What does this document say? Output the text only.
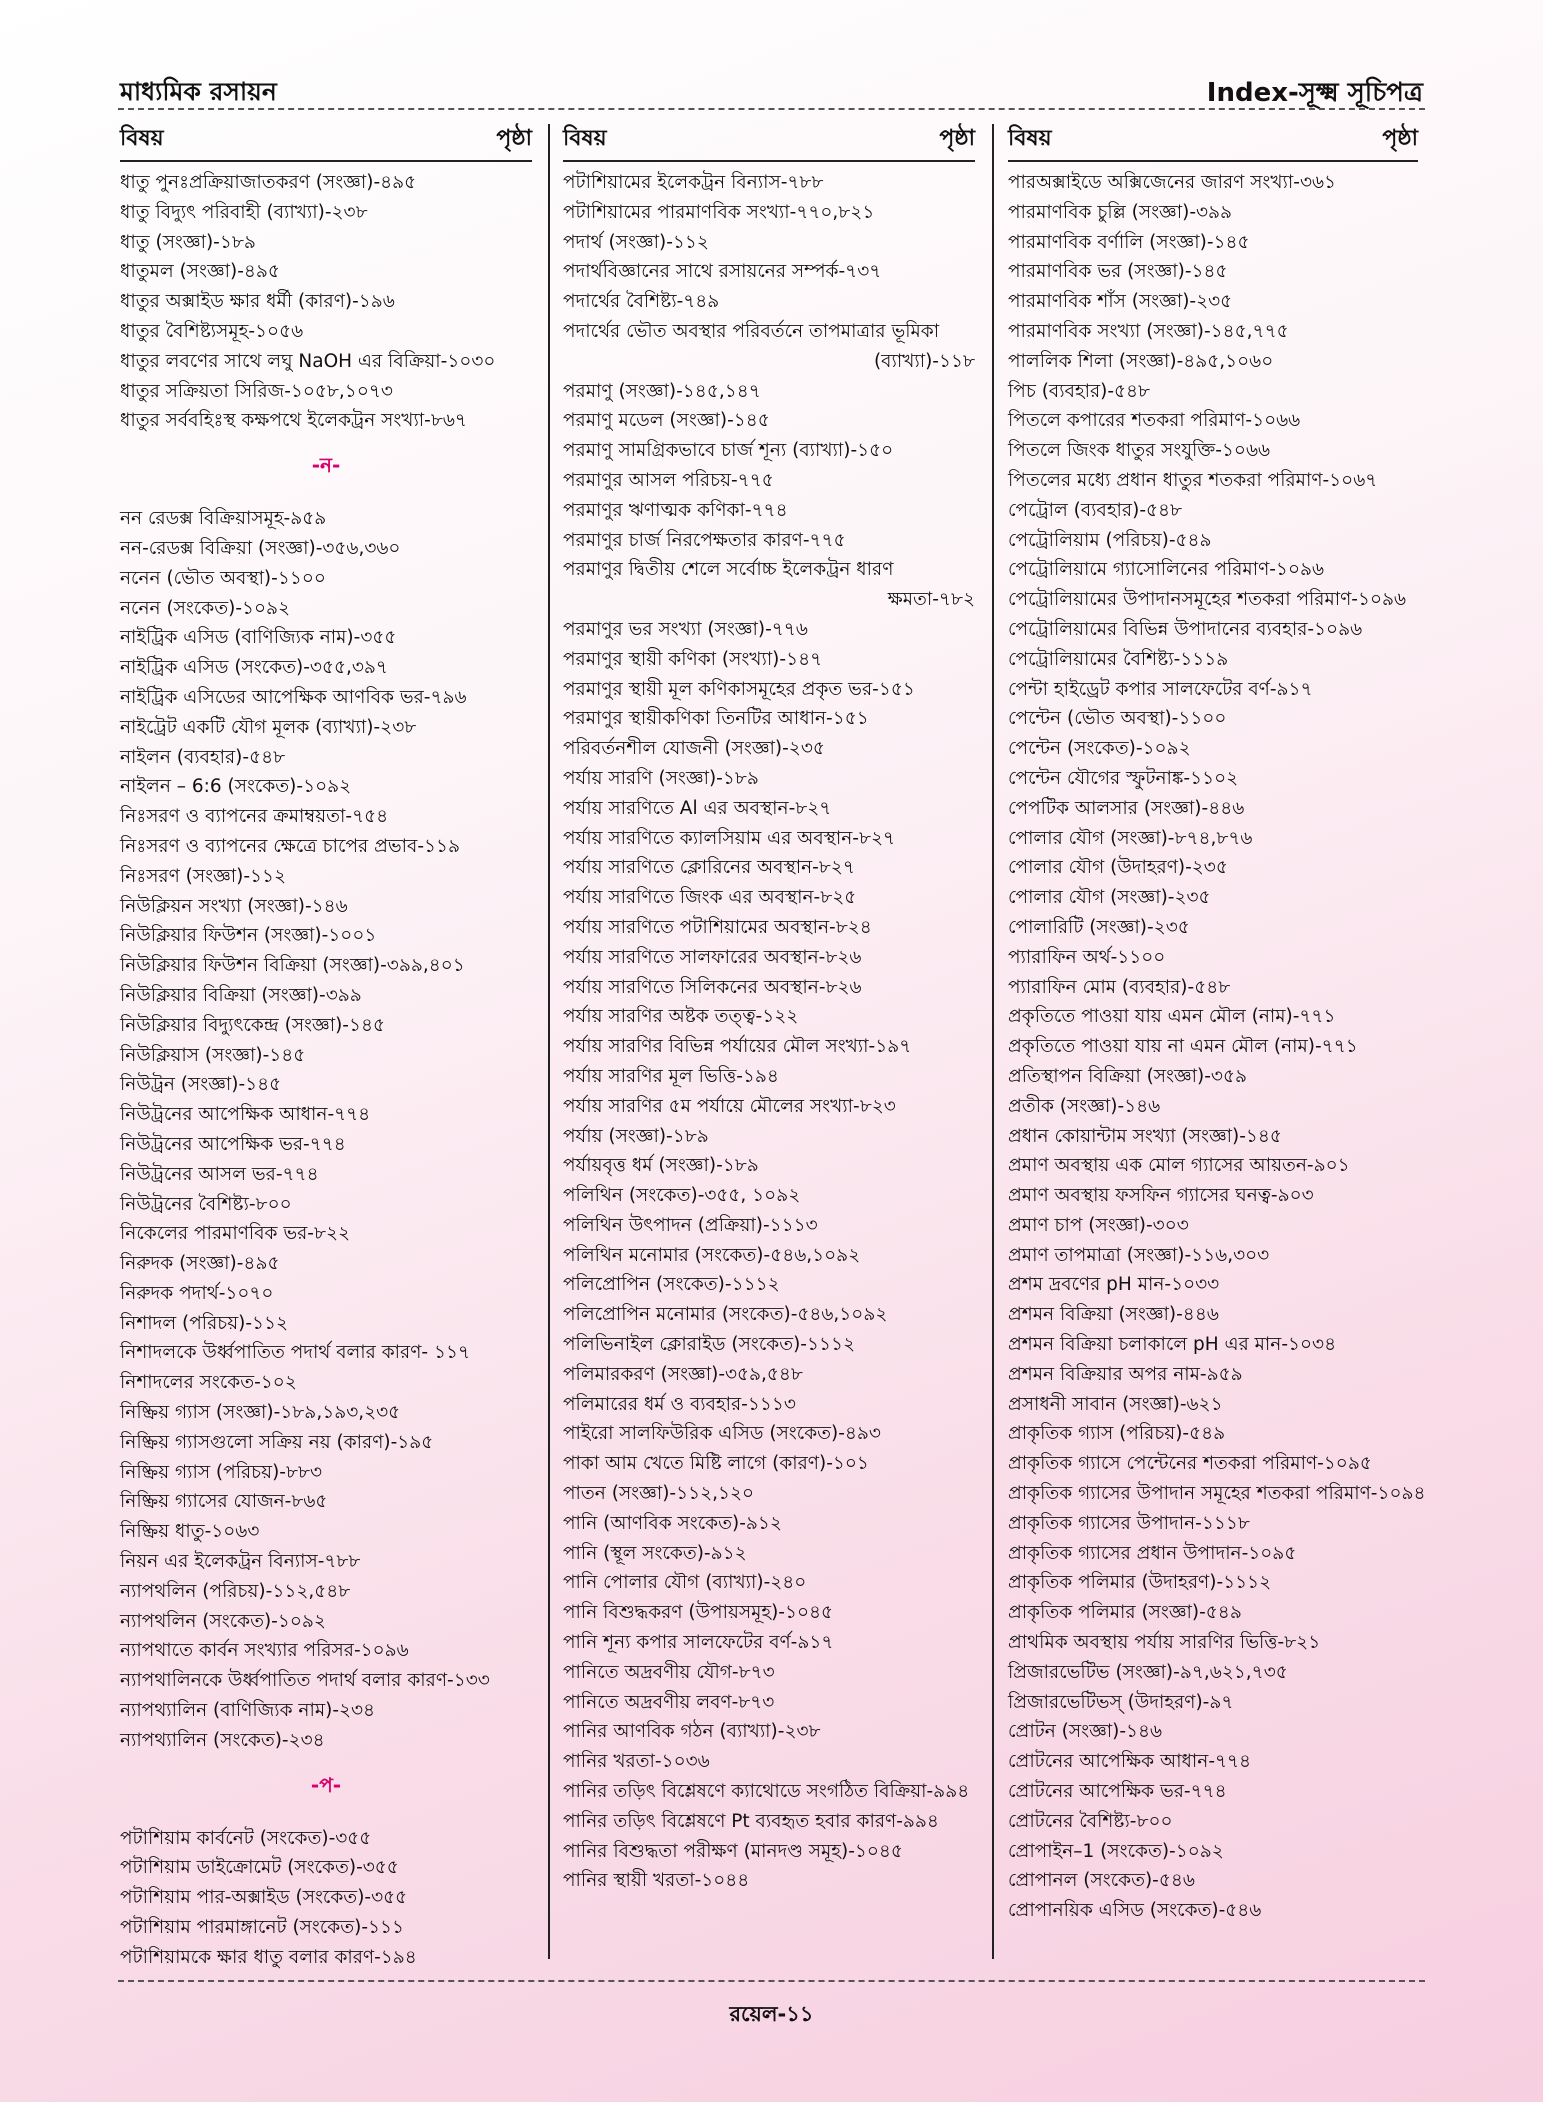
মাধ্যমিক রসায়ন	Index-সূক্ষ্ম সূচিপত্র
বিষয়	পৃষ্ঠা
ধাতু পুনঃপ্রক্রিয়াজাতকরণ (সংজ্ঞা)-৪৯৫
ধাতু বিদ্যুৎ পরিবাহী (ব্যাখ্যা)-২৩৮
ধাতু (সংজ্ঞা)-১৮৯
ধাতুমল (সংজ্ঞা)-৪৯৫
ধাতুর অক্সাইড ক্ষার ধর্মী (কারণ)-১৯৬
ধাতুর বৈশিষ্ট্যসমূহ-১০৫৬
ধাতুর লবণের সাথে লঘু NaOH এর বিক্রিয়া-১০৩০
ধাতুর সক্রিয়তা সিরিজ-১০৫৮,১০৭৩
ধাতুর সর্ববহিঃস্থ কক্ষপথে ইলেকট্রন সংখ্যা-৮৬৭
-ন-
নন রেডক্স বিক্রিয়াসমূহ-৯৫৯
নন-রেডক্স বিক্রিয়া (সংজ্ঞা)-৩৫৬,৩৬০
ননেন (ভৌত অবস্থা)-১১০০
ননেন (সংকেত)-১০৯২
নাইট্রিক এসিড (বাণিজ্যিক নাম)-৩৫৫
নাইট্রিক এসিড (সংকেত)-৩৫৫,৩৯৭
নাইট্রিক এসিডের আপেক্ষিক আণবিক ভর-৭৯৬
নাইট্রেট একটি যৌগ মূলক (ব্যাখ্যা)-২৩৮
নাইলন (ব্যবহার)-৫৪৮
নাইলন – 6:6 (সংকেত)-১০৯২
নিঃসরণ ও ব্যাপনের ক্রমাম্বয়তা-৭৫৪
নিঃসরণ ও ব্যাপনের ক্ষেত্রে চাপের প্রভাব-১১৯
নিঃসরণ (সংজ্ঞা)-১১২
নিউক্লিয়ন সংখ্যা (সংজ্ঞা)-১৪৬
নিউক্লিয়ার ফিউশন (সংজ্ঞা)-১০০১
নিউক্লিয়ার ফিউশন বিক্রিয়া (সংজ্ঞা)-৩৯৯,৪০১
নিউক্লিয়ার বিক্রিয়া (সংজ্ঞা)-৩৯৯
নিউক্লিয়ার বিদ্যুৎকেন্দ্র (সংজ্ঞা)-১৪৫
নিউক্লিয়াস (সংজ্ঞা)-১৪৫
নিউট্রন (সংজ্ঞা)-১৪৫
নিউট্রনের আপেক্ষিক আধান-৭৭৪
নিউট্রনের আপেক্ষিক ভর-৭৭৪
নিউট্রনের আসল ভর-৭৭৪
নিউট্রনের বৈশিষ্ট্য-৮০০
নিকেলের পারমাণবিক ভর-৮২২
নিরুদক (সংজ্ঞা)-৪৯৫
নিরুদক পদার্থ-১০৭০
নিশাদল (পরিচয়)-১১২
নিশাদলকে উর্ধ্বপাতিত পদার্থ বলার কারণ- ১১৭
নিশাদলের সংকেত-১০২
নিষ্ক্রিয় গ্যাস (সংজ্ঞা)-১৮৯,১৯৩,২৩৫
নিষ্ক্রিয় গ্যাসগুলো সক্রিয় নয় (কারণ)-১৯৫
নিষ্ক্রিয় গ্যাস (পরিচয়)-৮৮৩
নিষ্ক্রিয় গ্যাসের যোজন-৮৬৫
নিষ্ক্রিয় ধাতু-১০৬৩
নিয়ন এর ইলেকট্রন বিন্যাস-৭৮৮
ন্যাপথলিন (পরিচয়)-১১২,৫৪৮
ন্যাপথলিন (সংকেত)-১০৯২
ন্যাপথাতে কার্বন সংখ্যার পরিসর-১০৯৬
ন্যাপথালিনকে উর্ধ্বপাতিত পদার্থ বলার কারণ-১৩৩
ন্যাপথ্যালিন (বাণিজ্যিক নাম)-২৩৪
ন্যাপথ্যালিন (সংকেত)-২৩৪
-প-
পটাশিয়াম কার্বনেট (সংকেত)-৩৫৫
পটাশিয়াম ডাইক্রোমেট (সংকেত)-৩৫৫
পটাশিয়াম পার-অক্সাইড (সংকেত)-৩৫৫
পটাশিয়াম পারমাঙ্গানেট (সংকেত)-১১১
পটাশিয়ামকে ক্ষার ধাতু বলার কারণ-১৯৪
বিষয়	পৃষ্ঠা
পটাশিয়ামের ইলেকট্রন বিন্যাস-৭৮৮
পটাশিয়ামের পারমাণবিক সংখ্যা-৭৭০,৮২১
পদার্থ (সংজ্ঞা)-১১২
পদার্থবিজ্ঞানের সাথে রসায়নের সম্পর্ক-৭৩৭
পদার্থের বৈশিষ্ট্য-৭৪৯
পদার্থের ভৌত অবস্থার পরিবর্তনে তাপমাত্রার ভূমিকা
(ব্যাখ্যা)-১১৮
পরমাণু (সংজ্ঞা)-১৪৫,১৪৭
পরমাণু মডেল (সংজ্ঞা)-১৪৫
পরমাণু সামগ্রিকভাবে চার্জ শূন্য (ব্যাখ্যা)-১৫০
পরমাণুর আসল পরিচয়-৭৭৫
পরমাণুর ঋণাত্মক কণিকা-৭৭৪
পরমাণুর চার্জ নিরপেক্ষতার কারণ-৭৭৫
পরমাণুর দ্বিতীয় শেলে সর্বোচ্চ ইলেকট্রন ধারণ
ক্ষমতা-৭৮২
পরমাণুর ভর সংখ্যা (সংজ্ঞা)-৭৭৬
পরমাণুর স্থায়ী কণিকা (সংখ্যা)-১৪৭
পরমাণুর স্থায়ী মূল কণিকাসমূহের প্রকৃত ভর-১৫১
পরমাণুর স্থায়ীকণিকা তিনটির আধান-১৫১
পরিবর্তনশীল যোজনী (সংজ্ঞা)-২৩৫
পর্যায় সারণি (সংজ্ঞা)-১৮৯
পর্যায় সারণিতে Al এর অবস্থান-৮২৭
পর্যায় সারণিতে ক্যালসিয়াম এর অবস্থান-৮২৭
পর্যায় সারণিতে ক্লোরিনের অবস্থান-৮২৭
পর্যায় সারণিতে জিংক এর অবস্থান-৮২৫
পর্যায় সারণিতে পটাশিয়ামের অবস্থান-৮২৪
পর্যায় সারণিতে সালফারের অবস্থান-৮২৬
পর্যায় সারণিতে সিলিকনের অবস্থান-৮২৬
পর্যায় সারণির অষ্টক তত্ত্ব-১২২
পর্যায় সারণির বিভিন্ন পর্যায়ের মৌল সংখ্যা-১৯৭
পর্যায় সারণির মূল ভিত্তি-১৯৪
পর্যায় সারণির ৫ম পর্যায়ে মৌলের সংখ্যা-৮২৩
পর্যায় (সংজ্ঞা)-১৮৯
পর্যায়বৃত্ত ধর্ম (সংজ্ঞা)-১৮৯
পলিথিন (সংকেত)-৩৫৫, ১০৯২
পলিথিন উৎপাদন (প্রক্রিয়া)-১১১৩
পলিথিন মনোমার (সংকেত)-৫৪৬,১০৯২
পলিপ্রোপিন (সংকেত)-১১১২
পলিপ্রোপিন মনোমার (সংকেত)-৫৪৬,১০৯২
পলিভিনাইল ক্লোরাইড (সংকেত)-১১১২
পলিমারকরণ (সংজ্ঞা)-৩৫৯,৫৪৮
পলিমারের ধর্ম ও ব্যবহার-১১১৩
পাইরো সালফিউরিক এসিড (সংকেত)-৪৯৩
পাকা আম খেতে মিষ্টি লাগে (কারণ)-১০১
পাতন (সংজ্ঞা)-১১২,১২০
পানি (আণবিক সংকেত)-৯১২
পানি (স্থূল সংকেত)-৯১২
পানি পোলার যৌগ (ব্যাখ্যা)-২৪০
পানি বিশুদ্ধকরণ (উপায়সমূহ)-১০৪৫
পানি শূন্য কপার সালফেটের বর্ণ-৯১৭
পানিতে অদ্রবণীয় যৌগ-৮৭৩
পানিতে অদ্রবণীয় লবণ-৮৭৩
পানির আণবিক গঠন (ব্যাখ্যা)-২৩৮
পানির খরতা-১০৩৬
পানির তড়িৎ বিশ্লেষণে ক্যাথোডে সংগঠিত বিক্রিয়া-৯৯৪
পানির তড়িৎ বিশ্লেষণে Pt ব্যবহৃত হবার কারণ-৯৯৪
পানির বিশুদ্ধতা পরীক্ষণ (মানদণ্ড সমূহ)-১০৪৫
পানির স্থায়ী খরতা-১০৪৪
বিষয়	পৃষ্ঠা
পারঅক্সাইডে অক্সিজেনের জারণ সংখ্যা-৩৬১
পারমাণবিক চুল্লি (সংজ্ঞা)-৩৯৯
পারমাণবিক বর্ণালি (সংজ্ঞা)-১৪৫
পারমাণবিক ভর (সংজ্ঞা)-১৪৫
পারমাণবিক শাঁস (সংজ্ঞা)-২৩৫
পারমাণবিক সংখ্যা (সংজ্ঞা)-১৪৫,৭৭৫
পাললিক শিলা (সংজ্ঞা)-৪৯৫,১০৬০
পিচ (ব্যবহার)-৫৪৮
পিতলে কপারের শতকরা পরিমাণ-১০৬৬
পিতলে জিংক ধাতুর সংযুক্তি-১০৬৬
পিতলের মধ্যে প্রধান ধাতুর শতকরা পরিমাণ-১০৬৭
পেট্রোল (ব্যবহার)-৫৪৮
পেট্রোলিয়াম (পরিচয়)-৫৪৯
পেট্রোলিয়ামে গ্যাসোলিনের পরিমাণ-১০৯৬
পেট্রোলিয়ামের উপাদানসমূহের শতকরা পরিমাণ-১০৯৬
পেট্রোলিয়ামের বিভিন্ন উপাদানের ব্যবহার-১০৯৬
পেট্রোলিয়ামের বৈশিষ্ট্য-১১১৯
পেন্টা হাইড্রেট কপার সালফেটের বর্ণ-৯১৭
পেন্টেন (ভৌত অবস্থা)-১১০০
পেন্টেন (সংকেত)-১০৯২
পেন্টেন যৌগের স্ফুটনাঙ্ক-১১০২
পেপটিক আলসার (সংজ্ঞা)-৪৪৬
পোলার যৌগ (সংজ্ঞা)-৮৭৪,৮৭৬
পোলার যৌগ (উদাহরণ)-২৩৫
পোলার যৌগ (সংজ্ঞা)-২৩৫
পোলারিটি (সংজ্ঞা)-২৩৫
প্যারাফিন অর্থ-১১০০
প্যারাফিন মোম (ব্যবহার)-৫৪৮
প্রকৃতিতে পাওয়া যায় এমন মৌল (নাম)-৭৭১
প্রকৃতিতে পাওয়া যায় না এমন মৌল (নাম)-৭৭১
প্রতিস্থাপন বিক্রিয়া (সংজ্ঞা)-৩৫৯
প্রতীক (সংজ্ঞা)-১৪৬
প্রধান কোয়ান্টাম সংখ্যা (সংজ্ঞা)-১৪৫
প্রমাণ অবস্থায় এক মোল গ্যাসের আয়তন-৯০১
প্রমাণ অবস্থায় ফসফিন গ্যাসের ঘনত্ব-৯০৩
প্রমাণ চাপ (সংজ্ঞা)-৩০৩
প্রমাণ তাপমাত্রা (সংজ্ঞা)-১১৬,৩০৩
প্রশম দ্রবণের pH মান-১০৩৩
প্রশমন বিক্রিয়া (সংজ্ঞা)-৪৪৬
প্রশমন বিক্রিয়া চলাকালে pH এর মান-১০৩৪
প্রশমন বিক্রিয়ার অপর নাম-৯৫৯
প্রসাধনী সাবান (সংজ্ঞা)-৬২১
প্রাকৃতিক গ্যাস (পরিচয়)-৫৪৯
প্রাকৃতিক গ্যাসে পেন্টেনের শতকরা পরিমাণ-১০৯৫
প্রাকৃতিক গ্যাসের উপাদান সমূহের শতকরা পরিমাণ-১০৯৪
প্রাকৃতিক গ্যাসের উপাদান-১১১৮
প্রাকৃতিক গ্যাসের প্রধান উপাদান-১০৯৫
প্রাকৃতিক পলিমার (উদাহরণ)-১১১২
প্রাকৃতিক পলিমার (সংজ্ঞা)-৫৪৯
প্রাথমিক অবস্থায় পর্যায় সারণির ভিত্তি-৮২১
প্রিজারভেটিভ (সংজ্ঞা)-৯৭,৬২১,৭৩৫
প্রিজারভেটিভস্ (উদাহরণ)-৯৭
প্রোটন (সংজ্ঞা)-১৪৬
প্রোটনের আপেক্ষিক আধান-৭৭৪
প্রোটনের আপেক্ষিক ভর-৭৭৪
প্রোটনের বৈশিষ্ট্য-৮০০
প্রোপাইন–1 (সংকেত)-১০৯২
প্রোপানল (সংকেত)-৫৪৬
প্রোপানয়িক এসিড (সংকেত)-৫৪৬
রয়েল-১১
